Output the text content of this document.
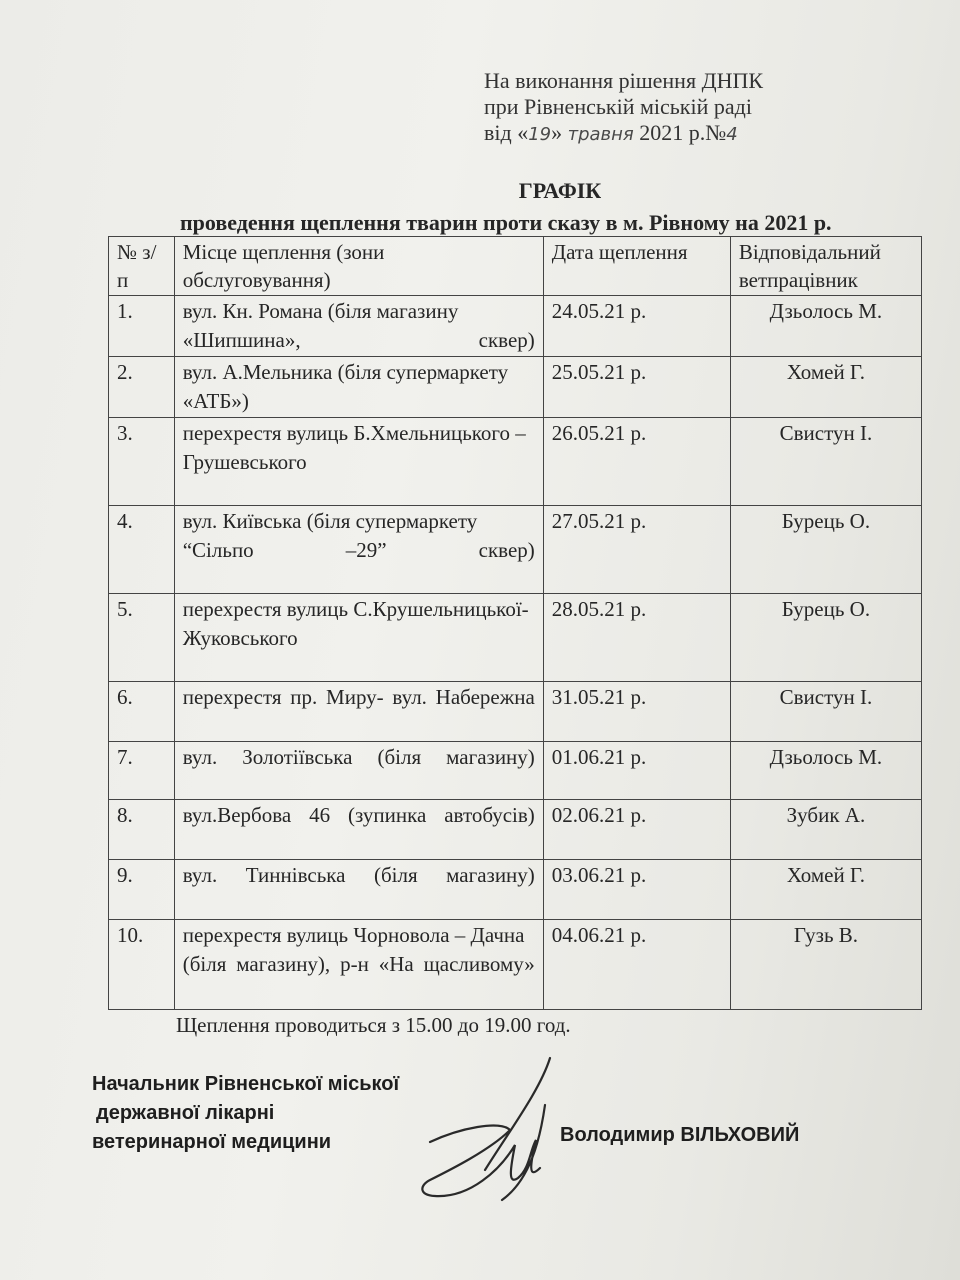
На виконання рішення ДНПК
при Рівненській міській раді
від «19» травня 2021 р.№4
ГРАФІК
проведення щеплення тварин проти сказу в м. Рівному на 2021 р.
№ з/п	Місце щеплення (зони обслуговування)	Дата щеплення	Відповідальний ветпрацівник
1.	вул. Кн. Романа (біля магазину «Шипшина», сквер)	24.05.21 р.	Дзьолось М.
2.	вул. А.Мельника (біля супермаркету «АТБ»)	25.05.21 р.	Хомей Г.
3.	перехрестя вулиць Б.Хмельницького – Грушевського	26.05.21 р.	Свистун І.
4.	вул. Київська (біля супермаркету “Сільпо –29” сквер)	27.05.21 р.	Бурець О.
5.	перехрестя вулиць С.Крушельницької-Жуковського	28.05.21 р.	Бурець О.
6.	перехрестя пр. Миру- вул. Набережна	31.05.21 р.	Свистун І.
7.	вул. Золотіївська (біля магазину)	01.06.21 р.	Дзьолось М.
8.	вул.Вербова 46 (зупинка автобусів)	02.06.21 р.	Зубик А.
9.	вул. Тиннівська (біля магазину)	03.06.21 р.	Хомей Г.
10.	перехрестя вулиць Чорновола – Дачна (біля магазину), р-н «На щасливому»	04.06.21 р.	Гузь В.
Щеплення проводиться з 15.00 до 19.00 год.
Начальник Рівненської міської
державної лікарні
ветеринарної медицини	Володимир ВІЛЬХОВИЙ
